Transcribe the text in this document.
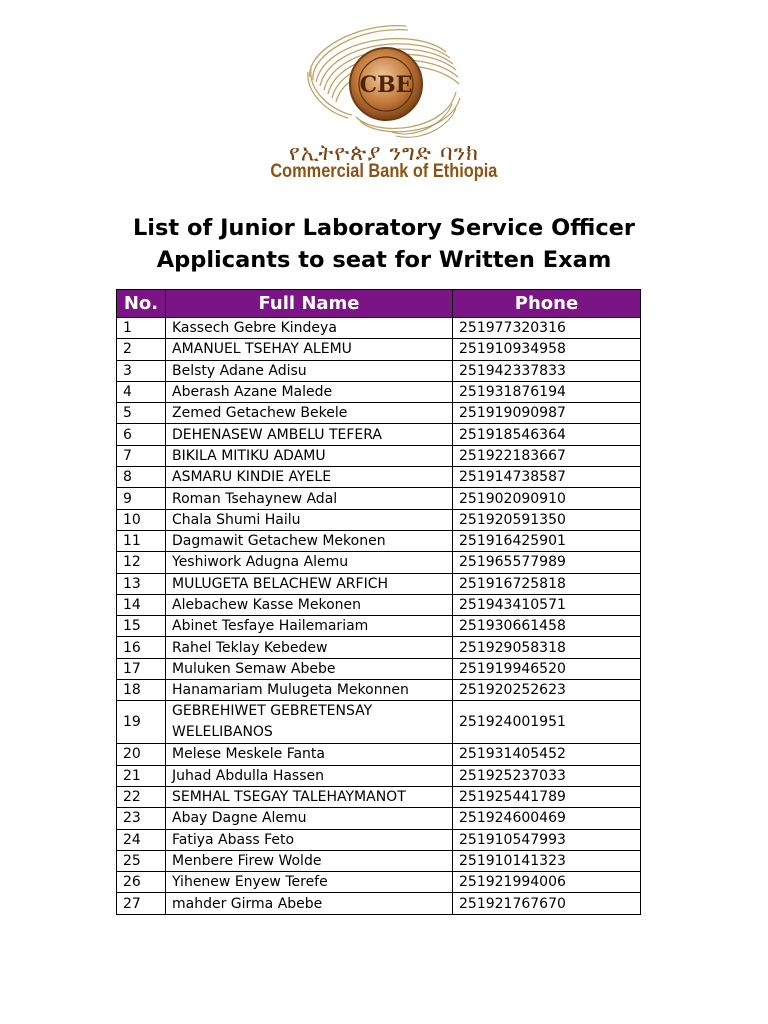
CBE
የኢትዮጵያ ንግድ ባንክ
Commercial Bank of Ethiopia
List of Junior Laboratory Service Officer
Applicants to seat for Written Exam
No.	Full Name	Phone
1	Kassech Gebre Kindeya	251977320316
2	AMANUEL TSEHAY ALEMU	251910934958
3	Belsty Adane Adisu	251942337833
4	Aberash Azane Malede	251931876194
5	Zemed Getachew Bekele	251919090987
6	DEHENASEW AMBELU TEFERA	251918546364
7	BIKILA MITIKU ADAMU	251922183667
8	ASMARU KINDIE AYELE	251914738587
9	Roman Tsehaynew Adal	251902090910
10	Chala Shumi Hailu	251920591350
11	Dagmawit Getachew Mekonen	251916425901
12	Yeshiwork Adugna Alemu	251965577989
13	MULUGETA BELACHEW ARFICH	251916725818
14	Alebachew Kasse Mekonen	251943410571
15	Abinet Tesfaye Hailemariam	251930661458
16	Rahel Teklay Kebedew	251929058318
17	Muluken Semaw Abebe	251919946520
18	Hanamariam Mulugeta Mekonnen	251920252623
19	GEBREHIWET GEBRETENSAY WELELIBANOS	251924001951
20	Melese Meskele Fanta	251931405452
21	Juhad Abdulla Hassen	251925237033
22	SEMHAL TSEGAY TALEHAYMANOT	251925441789
23	Abay Dagne Alemu	251924600469
24	Fatiya Abass Feto	251910547993
25	Menbere Firew Wolde	251910141323
26	Yihenew Enyew Terefe	251921994006
27	mahder Girma Abebe	251921767670
